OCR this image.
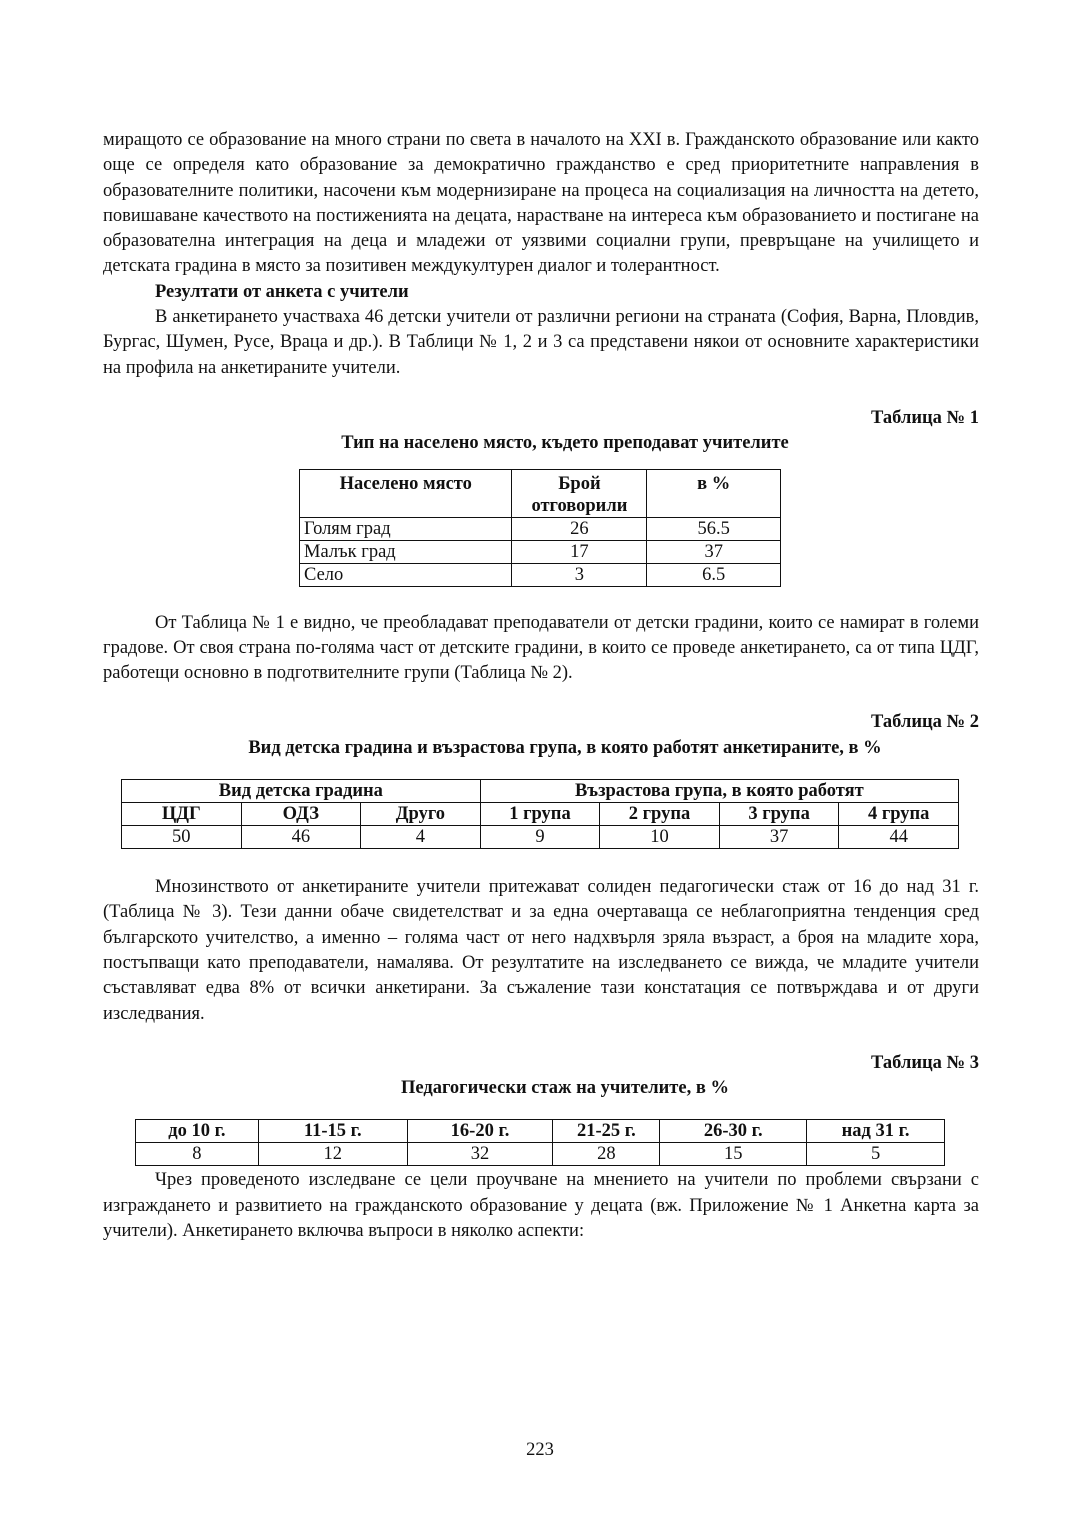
миращото се образование на много страни по света в началото на XXI в. Гражданското образование или както още се определя като образование за демократично гражданство е сред приоритетните направления в образователните политики, насочени към модернизиране на процеса на социализация на личността на детето, повишаване качеството на постиженията на децата, нарастване на интереса към образованието и постигане на образователна интеграция на деца и младежи от уязвими социални групи, превръщане на училището и детската градина в място за позитивен междукултурен диалог и толерантност.

Резултати от анкета с учители

В анкетирането участваха 46 детски учители от различни региони на страната (София, Варна, Пловдив, Бургас, Шумен, Русе, Враца и др.). В Таблици № 1, 2 и 3 са представени някои от основните характеристики на профила на анкетираните учители.

Таблица № 1
Тип на населено място, където преподават учителите
Населено място	Брой отговорили	в %
Голям град	26	56.5
Малък град	17	37
Село	3	6.5

От Таблица № 1 е видно, че преобладават преподаватели от детски градини, които се намират в големи градове. От своя страна по-голяма част от детските градини, в които се проведе анкетирането, са от типа ЦДГ, работещи основно в подготвителните групи (Таблица № 2).

Таблица № 2
Вид детска градина и възрастова група, в която работят анкетираните, в %
Вид детска градина			Възрастова група, в която работят			
ЦДГ	ОДЗ	Друго	1 група	2 група	3 група	4 група
50	46	4	9	10	37	44

Мнозинството от анкетираните учители притежават солиден педагогически стаж от 16 до над 31 г. (Таблица № 3). Тези данни обаче свидетелстват и за една очертаваща се неблагоприятна тенденция сред българското учителство, а именно – голяма част от него надхвърля зряла възраст, а броя на младите хора, постъпващи като преподаватели, намалява. От резултатите на изследването се вижда, че младите учители съставляват едва 8% от всички анкетирани. За съжаление тази констатация се потвърждава и от други изследвания.

Таблица № 3
Педагогически стаж на учителите, в %
до 10 г.	11-15 г.	16-20 г.	21-25 г.	26-30 г.	над 31 г.
8	12	32	28	15	5

Чрез проведеното изследване се цели проучване на мнението на учители по проблеми свързани с изграждането и развитието на гражданското образование у децата (вж. Приложение № 1 Анкетна карта за учители). Анкетирането включва въпроси в няколко аспекти:

223
